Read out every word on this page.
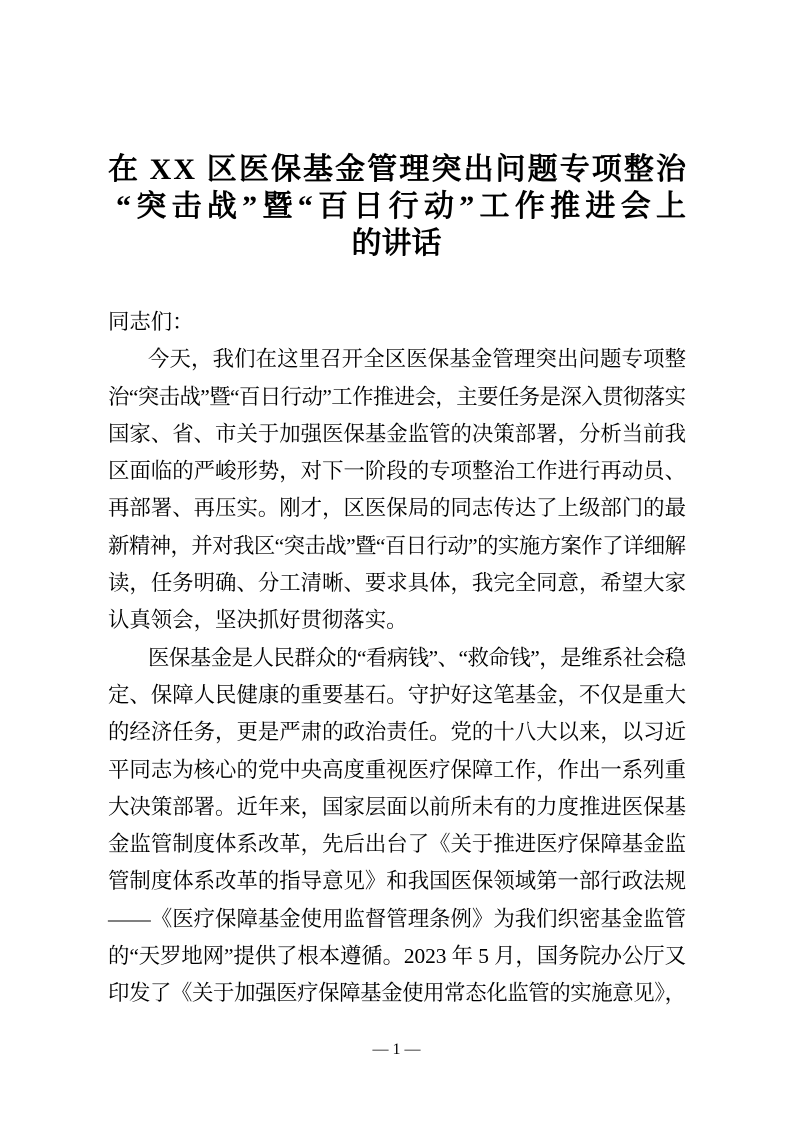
在 XX 区医保基金管理突出问题专项整治
“突击战”暨“百日行动”工作推进会上
的讲话
同志们：
今天，我们在这里召开全区医保基金管理突出问题专项整
治“突击战”暨“百日行动”工作推进会，主要任务是深入贯彻落实
国家、省、市关于加强医保基金监管的决策部署，分析当前我
区面临的严峻形势，对下一阶段的专项整治工作进行再动员、
再部署、再压实。刚才，区医保局的同志传达了上级部门的最
新精神，并对我区“突击战”暨“百日行动”的实施方案作了详细解
读，任务明确、分工清晰、要求具体，我完全同意，希望大家
认真领会，坚决抓好贯彻落实。
医保基金是人民群众的“看病钱”、“救命钱”，是维系社会稳
定、保障人民健康的重要基石。守护好这笔基金，不仅是重大
的经济任务，更是严肃的政治责任。党的十八大以来，以习近
平同志为核心的党中央高度重视医疗保障工作，作出一系列重
大决策部署。近年来，国家层面以前所未有的力度推进医保基
金监管制度体系改革，先后出台了《关于推进医疗保障基金监
管制度体系改革的指导意见》和我国医保领域第一部行政法规
——《医疗保障基金使用监督管理条例》为我们织密基金监管
的“天罗地网”提供了根本遵循。2023 年 5 月，国务院办公厅又
印发了《关于加强医疗保障基金使用常态化监管的实施意见》，
— 1 —
